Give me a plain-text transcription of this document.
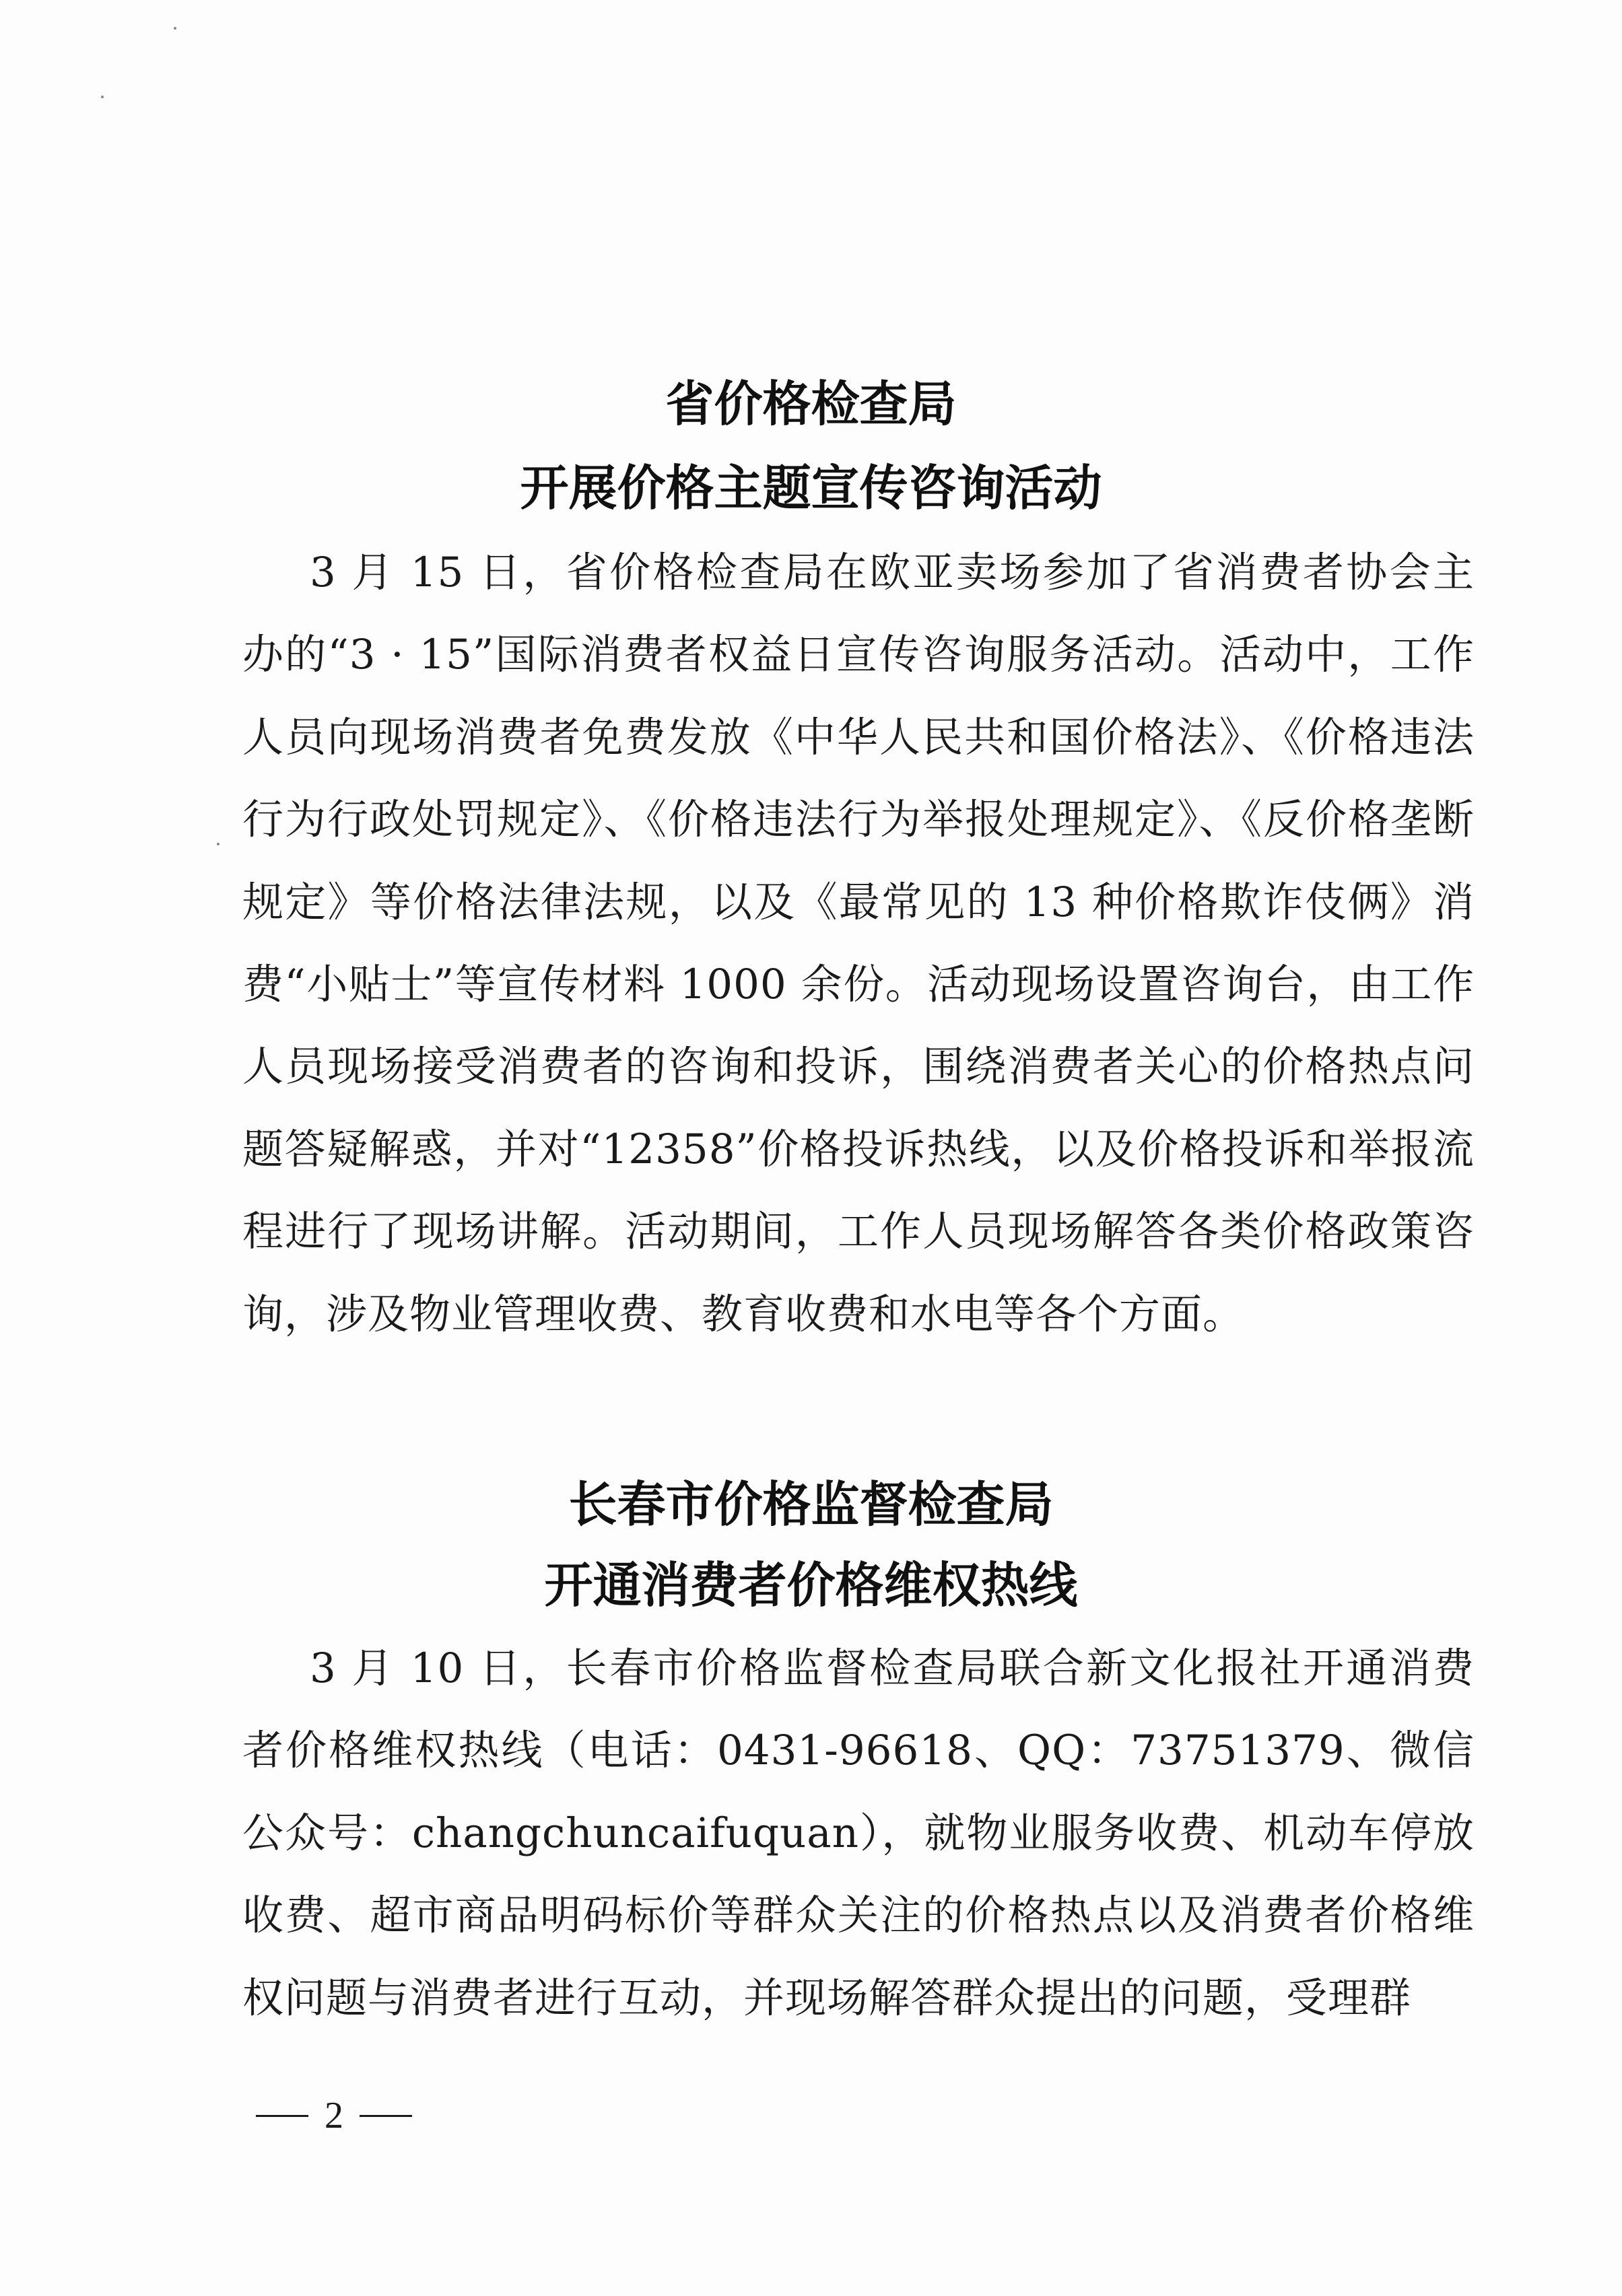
省价格检查局
开展价格主题宣传咨询活动
3 月 15 日，省价格检查局在欧亚卖场参加了省消费者协会主办的“3 · 15”国际消费者权益日宣传咨询服务活动。活动中，工作人员向现场消费者免费发放《中华人民共和国价格法》、《价格违法行为行政处罚规定》、《价格违法行为举报处理规定》、《反价格垄断规定》等价格法律法规，以及《最常见的 13 种价格欺诈伎俩》消费“小贴士”等宣传材料 1000 余份。活动现场设置咨询台，由工作人员现场接受消费者的咨询和投诉，围绕消费者关心的价格热点问题答疑解惑，并对“12358”价格投诉热线，以及价格投诉和举报流程进行了现场讲解。活动期间，工作人员现场解答各类价格政策咨询，涉及物业管理收费、教育收费和水电等各个方面。
长春市价格监督检查局
开通消费者价格维权热线
3 月 10 日，长春市价格监督检查局联合新文化报社开通消费者价格维权热线（电话：0431-96618、QQ：73751379、微信公众号：changchuncaifuquan），就物业服务收费、机动车停放收费、超市商品明码标价等群众关注的价格热点以及消费者价格维权问题与消费者进行互动，并现场解答群众提出的问题，受理群
2
